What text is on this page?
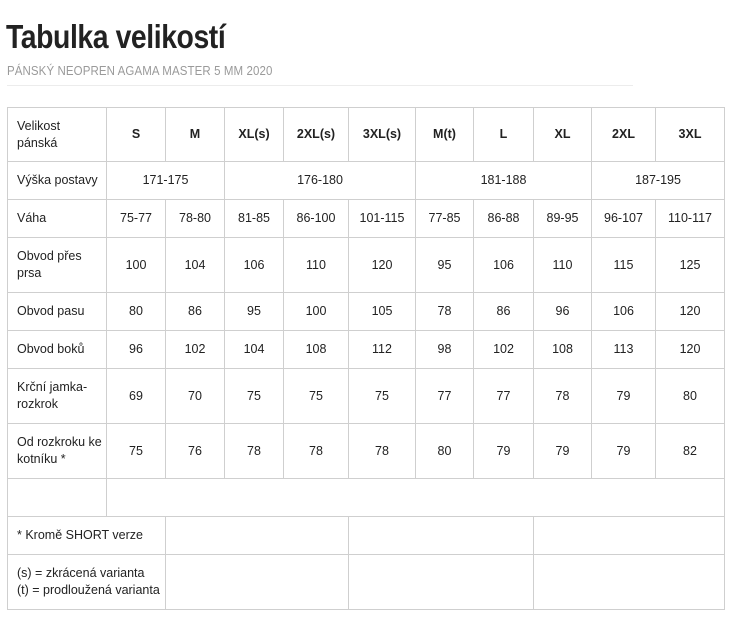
Tabulka velikostí
PÁNSKÝ NEOPREN AGAMA MASTER 5 MM 2020
Velikost
pánská	S	M	XL(s)	2XL(s)	3XL(s)	M(t)	L	XL	2XL	3XL
Výška postavy	171-175		176-180			181-188			187-195	
Váha	75-77	78-80	81-85	86-100	101-115	77-85	86-88	89-95	96-107	110-117
Obvod přes
prsa	100	104	106	110	120	95	106	110	115	125
Obvod pasu	80	86	95	100	105	78	86	96	106	120
Obvod boků	96	102	104	108	112	98	102	108	113	120
Krční jamka-
rozkrok	69	70	75	75	75	77	77	78	79	80
Od rozkroku ke
kotníku *	75	76	78	78	78	80	79	79	79	82

* Kromě SHORT verze										
(s) = zkrácená varianta
(t) = prodloužená varianta										
